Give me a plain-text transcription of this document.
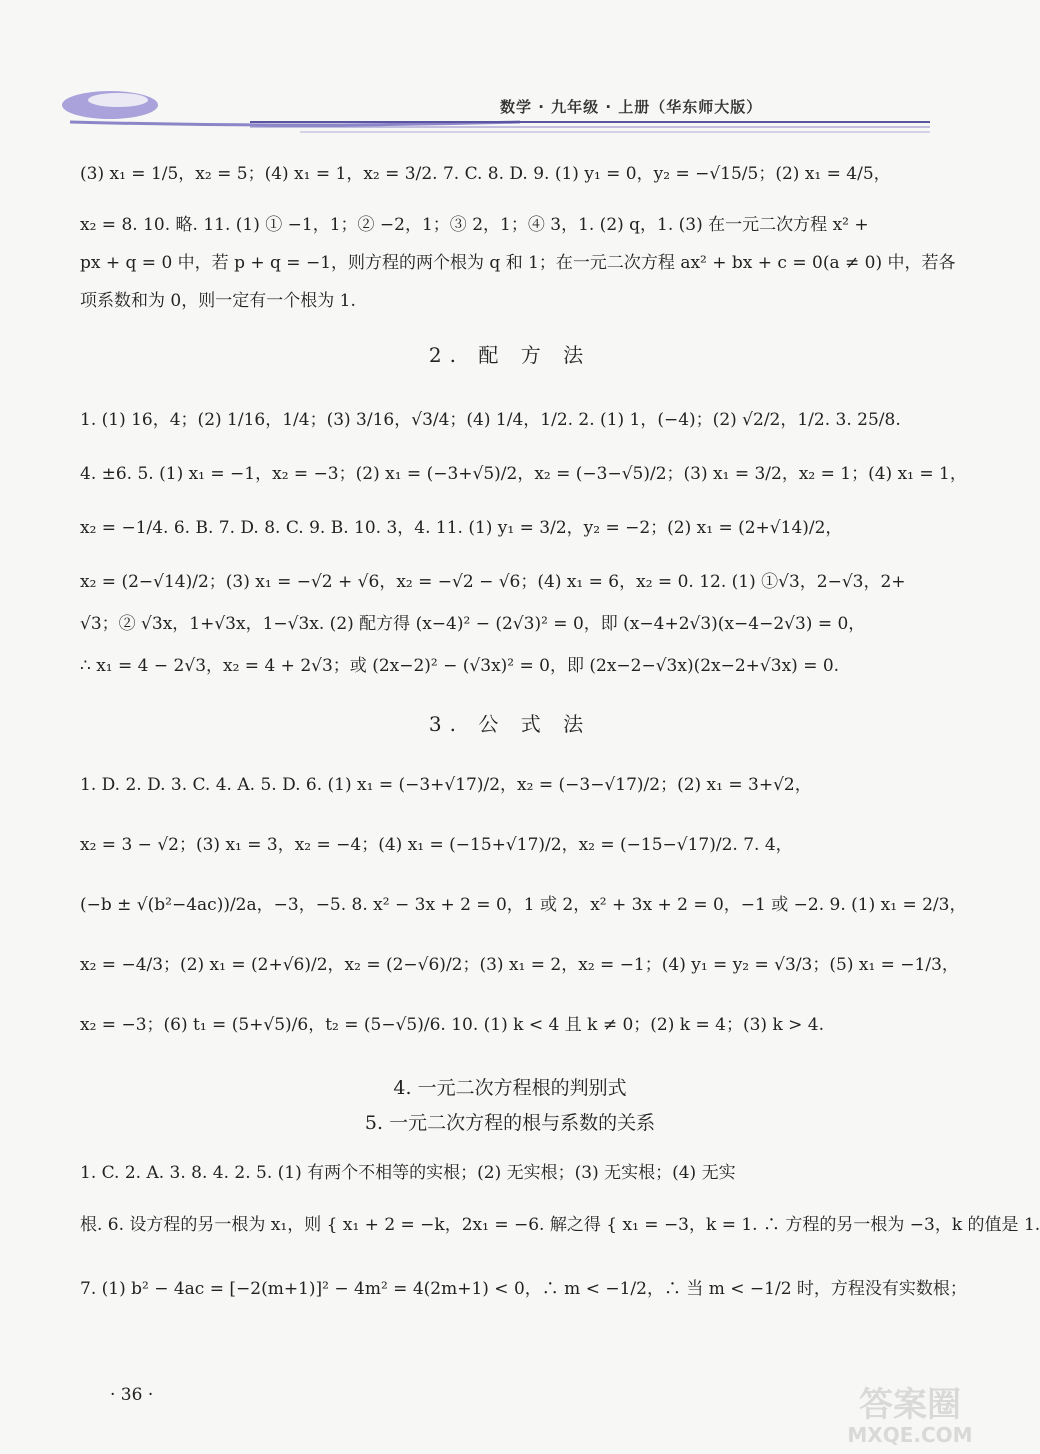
数学 · 九年级 · 上册（华东师大版）

(3) x₁ = 1/5，x₂ = 5；(4) x₁ = 1，x₂ = 3/2. 7. C. 8. D. 9. (1) y₁ = 0，y₂ = −√15/5；(2) x₁ = 4/5，

x₂ = 8. 10. 略. 11. (1) ① −1，1；② −2，1；③ 2，1；④ 3，1. (2) q，1. (3) 在一元二次方程 x² +

px + q = 0 中，若 p + q = −1，则方程的两个根为 q 和 1；在一元二次方程 ax² + bx + c = 0(a ≠ 0) 中，若各

项系数和为 0，则一定有一个根为 1.

2. 配 方 法

1. (1) 16，4；(2) 1/16，1/4；(3) 3/16，√3/4；(4) 1/4，1/2. 2. (1) 1，(−4)；(2) √2/2，1/2. 3. 25/8.

4. ±6. 5. (1) x₁ = −1，x₂ = −3；(2) x₁ = (−3+√5)/2，x₂ = (−3−√5)/2；(3) x₁ = 3/2，x₂ = 1；(4) x₁ = 1，

x₂ = −1/4. 6. B. 7. D. 8. C. 9. B. 10. 3，4. 11. (1) y₁ = 3/2，y₂ = −2；(2) x₁ = (2+√14)/2，

x₂ = (2−√14)/2；(3) x₁ = −√2 + √6，x₂ = −√2 − √6；(4) x₁ = 6，x₂ = 0. 12. (1) ①√3，2−√3，2+

√3；② √3x，1+√3x，1−√3x. (2) 配方得 (x−4)² − (2√3)² = 0，即 (x−4+2√3)(x−4−2√3) = 0，

∴ x₁ = 4 − 2√3，x₂ = 4 + 2√3；或 (2x−2)² − (√3x)² = 0，即 (2x−2−√3x)(2x−2+√3x) = 0.

3. 公 式 法

1. D. 2. D. 3. C. 4. A. 5. D. 6. (1) x₁ = (−3+√17)/2，x₂ = (−3−√17)/2；(2) x₁ = 3+√2，

x₂ = 3 − √2；(3) x₁ = 3，x₂ = −4；(4) x₁ = (−15+√17)/2，x₂ = (−15−√17)/2. 7. 4，

(−b ± √(b²−4ac))/2a，−3，−5. 8. x² − 3x + 2 = 0，1 或 2，x² + 3x + 2 = 0，−1 或 −2. 9. (1) x₁ = 2/3，

x₂ = −4/3；(2) x₁ = (2+√6)/2，x₂ = (2−√6)/2；(3) x₁ = 2，x₂ = −1；(4) y₁ = y₂ = √3/3；(5) x₁ = −1/3，

x₂ = −3；(6) t₁ = (5+√5)/6，t₂ = (5−√5)/6. 10. (1) k < 4 且 k ≠ 0；(2) k = 4；(3) k > 4.

4. 一元二次方程根的判别式

5. 一元二次方程的根与系数的关系

1. C. 2. A. 3. 8. 4. 2. 5. (1) 有两个不相等的实根；(2) 无实根；(3) 无实根；(4) 无实

根. 6. 设方程的另一根为 x₁，则 { x₁ + 2 = −k，2x₁ = −6. 解之得 { x₁ = −3，k = 1. ∴ 方程的另一根为 −3，k 的值是 1.

7. (1) b² − 4ac = [−2(m+1)]² − 4m² = 4(2m+1) < 0，∴ m < −1/2，∴ 当 m < −1/2 时，方程没有实数根；

· 36 ·	答案圈
MXQE.COM
